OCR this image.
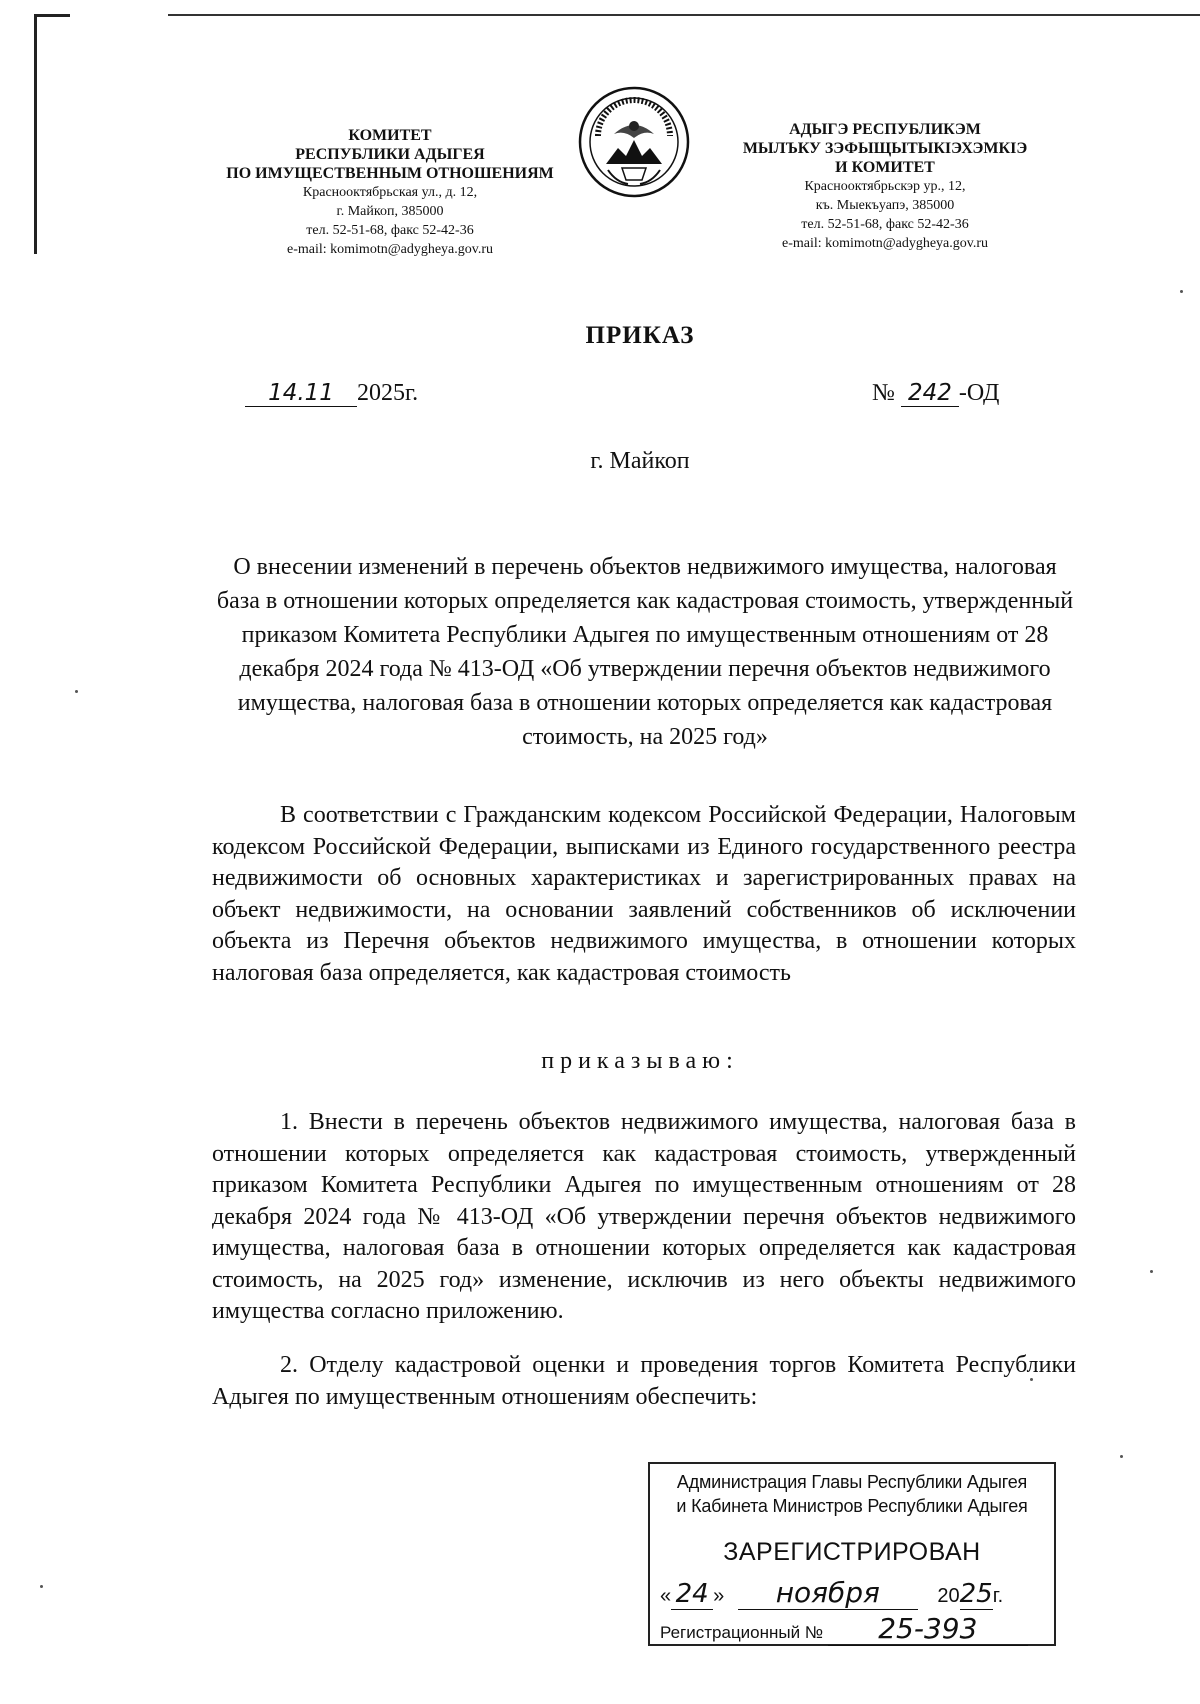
КОМИТЕТ
РЕСПУБЛИКИ АДЫГЕЯ
ПО ИМУЩЕСТВЕННЫМ ОТНОШЕНИЯМ
Краснооктябрьская ул., д. 12,
г. Майкоп, 385000
тел. 52-51-68, факс 52-42-36
e-mail: komimotn@adygheya.gov.ru
АДЫГЭ РЕСПУБЛИКЭМ
МЫЛЪКУ ЗЭФЫЩЫТЫКIЭХЭМКIЭ
И КОМИТЕТ
Краснооктябрьскэр ур., 12,
къ. Мыекъуапэ, 385000
тел. 52-51-68, факс 52-42-36
e-mail: komimotn@adygheya.gov.ru
ПРИКАЗ
14.11 2025г.	№ 242 -ОД
г. Майкоп
О внесении изменений в перечень объектов недвижимого имущества, налоговая база в отношении которых определяется как кадастровая стоимость, утвержденный приказом Комитета Республики Адыгея по имущественным отношениям от 28 декабря 2024 года № 413-ОД «Об утверждении перечня объектов недвижимого имущества, налоговая база в отношении которых определяется как кадастровая стоимость, на 2025 год»
В соответствии с Гражданским кодексом Российской Федерации, Налоговым кодексом Российской Федерации, выписками из Единого государственного реестра недвижимости об основных характеристиках и зарегистрированных правах на объект недвижимости, на основании заявлений собственников об исключении объекта из Перечня объектов недвижимого имущества, в отношении которых налоговая база определяется, как кадастровая стоимость
приказываю:
1. Внести в перечень объектов недвижимого имущества, налоговая база в отношении которых определяется как кадастровая стоимость, утвержденный приказом Комитета Республики Адыгея по имущественным отношениям от 28 декабря 2024 года № 413-ОД «Об утверждении перечня объектов недвижимого имущества, налоговая база в отношении которых определяется как кадастровая стоимость, на 2025 год» изменение, исключив из него объекты недвижимого имущества согласно приложению.
2. Отделу кадастровой оценки и проведения торгов Комитета Республики Адыгея по имущественным отношениям обеспечить:
Администрация Главы Республики Адыгея
и Кабинета Министров Республики Адыгея
ЗАРЕГИСТРИРОВАН
« 24 » ноября	2025г.
Регистрационный № 25-393
